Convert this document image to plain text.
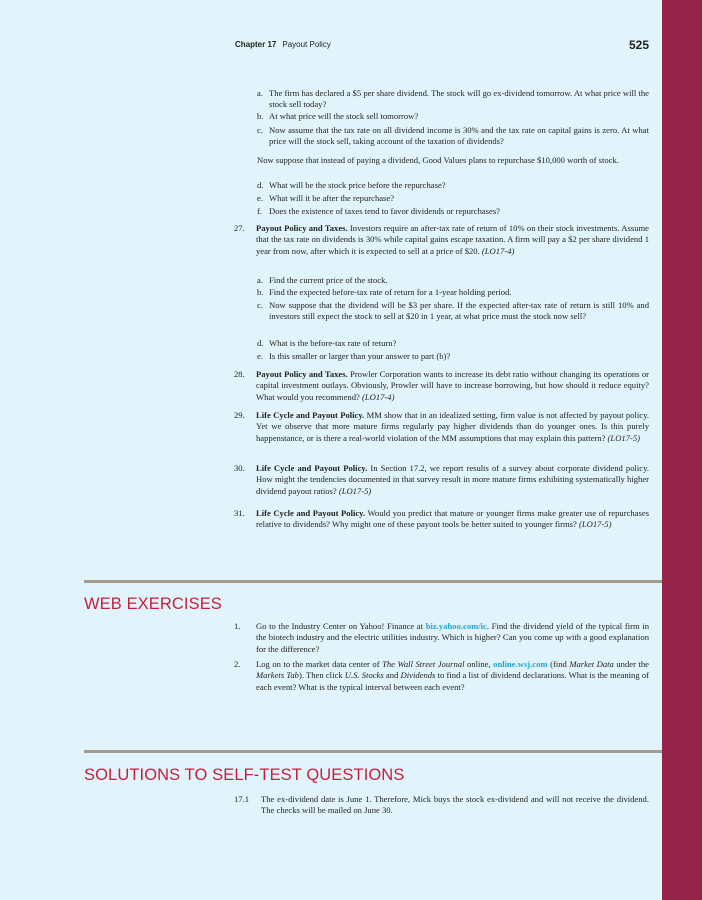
Chapter 17 Payout Policy	525
a. The firm has declared a $5 per share dividend. The stock will go ex-dividend tomorrow. At what price will the stock sell today?
b. At what price will the stock sell tomorrow?
c. Now assume that the tax rate on all dividend income is 30% and the tax rate on capital gains is zero. At what price will the stock sell, taking account of the taxation of dividends?
Now suppose that instead of paying a dividend, Good Values plans to repurchase $10,000 worth of stock.
d. What will be the stock price before the repurchase?
e. What will it be after the repurchase?
f. Does the existence of taxes tend to favor dividends or repurchases?
27.	Payout Policy and Taxes. Investors require an after-tax rate of return of 10% on their stock investments. Assume that the tax rate on dividends is 30% while capital gains escape taxation. A firm will pay a $2 per share dividend 1 year from now, after which it is expected to sell at a price of $20. (LO17-4)
a. Find the current price of the stock.
b. Find the expected before-tax rate of return for a 1-year holding period.
c. Now suppose that the dividend will be $3 per share. If the expected after-tax rate of return is still 10% and investors still expect the stock to sell at $20 in 1 year, at what price must the stock now sell?
d. What is the before-tax rate of return?
e. Is this smaller or larger than your answer to part (b)?
28.	Payout Policy and Taxes. Prowler Corporation wants to increase its debt ratio without changing its operations or capital investment outlays. Obviously, Prowler will have to increase borrowing, but how should it reduce equity? What would you recommend? (LO17-4)
29.	Life Cycle and Payout Policy. MM show that in an idealized setting, firm value is not affected by payout policy. Yet we observe that more mature firms regularly pay higher dividends than do younger ones. Is this purely happenstance, or is there a real-world violation of the MM assumptions that may explain this pattern? (LO17-5)
30.	Life Cycle and Payout Policy. In Section 17.2, we report results of a survey about corporate dividend policy. How might the tendencies documented in that survey result in more mature firms exhibiting systematically higher dividend payout ratios? (LO17-5)
31.	Life Cycle and Payout Policy. Would you predict that mature or younger firms make greater use of repurchases relative to dividends? Why might one of these payout tools be better suited to younger firms? (LO17-5)
WEB EXERCISES
1.	Go to the Industry Center on Yahoo! Finance at biz.yahoo.com/ic. Find the dividend yield of the typical firm in the biotech industry and the electric utilities industry. Which is higher? Can you come up with a good explanation for the difference?
2.	Log on to the market data center of The Wall Street Journal online, online.wsj.com (find Market Data under the Markets Tab). Then click U.S. Stocks and Dividends to find a list of dividend declarations. What is the meaning of each event? What is the typical interval between each event?
SOLUTIONS TO SELF-TEST QUESTIONS
17.1	The ex-dividend date is June 1. Therefore, Mick buys the stock ex-dividend and will not receive the dividend. The checks will be mailed on June 30.
